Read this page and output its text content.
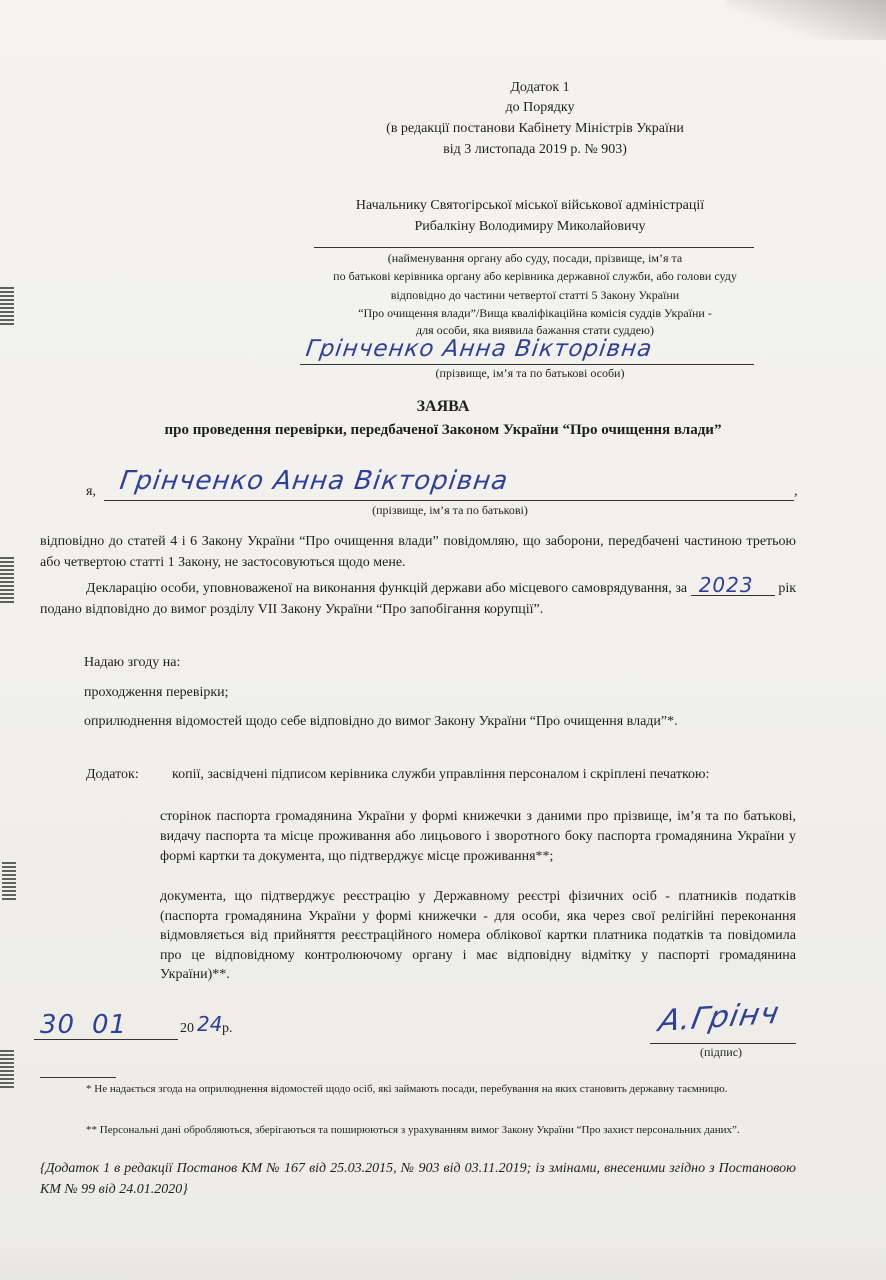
Додаток 1
до Порядку
(в редакції постанови Кабінету Міністрів України
від 3 листопада 2019 р. № 903)
Начальнику Святогірської міської військової адміністрації
Рибалкіну Володимиру Миколайовичу
(найменування органу або суду, посади, прізвище, ім’я та
по батькові керівника органу або керівника державної служби, або голови суду
відповідно до частини четвертої статті 5 Закону України
“Про очищення влади”/Вища кваліфікаційна комісія суддів України -
для особи, яка виявила бажання стати суддею)
Грінченко Анна Вікторівна
(прізвище, ім’я та по батькові особи)
ЗАЯВА
про проведення перевірки, передбаченої Законом України “Про очищення влади”
я, Грінченко Анна Вікторівна	,
(прізвище, ім’я та по батькові)
відповідно до статей 4 і 6 Закону України “Про очищення влади” повідомляю, що заборони, передбачені частиною третьою або четвертою статті 1 Закону, не застосовуються щодо мене.
Декларацію особи, уповноваженої на виконання функцій держави або місцевого самоврядування, за 2023 рік подано відповідно до вимог розділу VII Закону України “Про запобігання корупції”.
Надаю згоду на:
проходження перевірки;
оприлюднення відомостей щодо себе відповідно до вимог Закону України “Про очищення влади”*.
Додаток: копії, засвідчені підписом керівника служби управління персоналом і скріплені печаткою:
сторінок паспорта громадянина України у формі книжечки з даними про прізвище, ім’я та по батькові, видачу паспорта та місце проживання або лицьового і зворотного боку паспорта громадянина України у формі картки та документа, що підтверджує місце проживання**;
документа, що підтверджує реєстрацію у Державному реєстрі фізичних осіб - платників податків (паспорта громадянина України у формі книжечки - для особи, яка через свої релігійні переконання відмовляється від прийняття реєстраційного номера облікової картки платника податків та повідомила про це відповідному контролюючому органу і має відповідну відмітку у паспорті громадянина України)**.
30 01	20 24 р.	А.Грінч
(підпис)
* Не надається згода на оприлюднення відомостей щодо осіб, які займають посади, перебування на яких становить державну таємницю.
** Персональні дані обробляються, зберігаються та поширюються з урахуванням вимог Закону України “Про захист персональних даних”.
{Додаток 1 в редакції Постанов КМ № 167 від 25.03.2015, № 903 від 03.11.2019; із змінами, внесеними згідно з Постановою КМ № 99 від 24.01.2020}
